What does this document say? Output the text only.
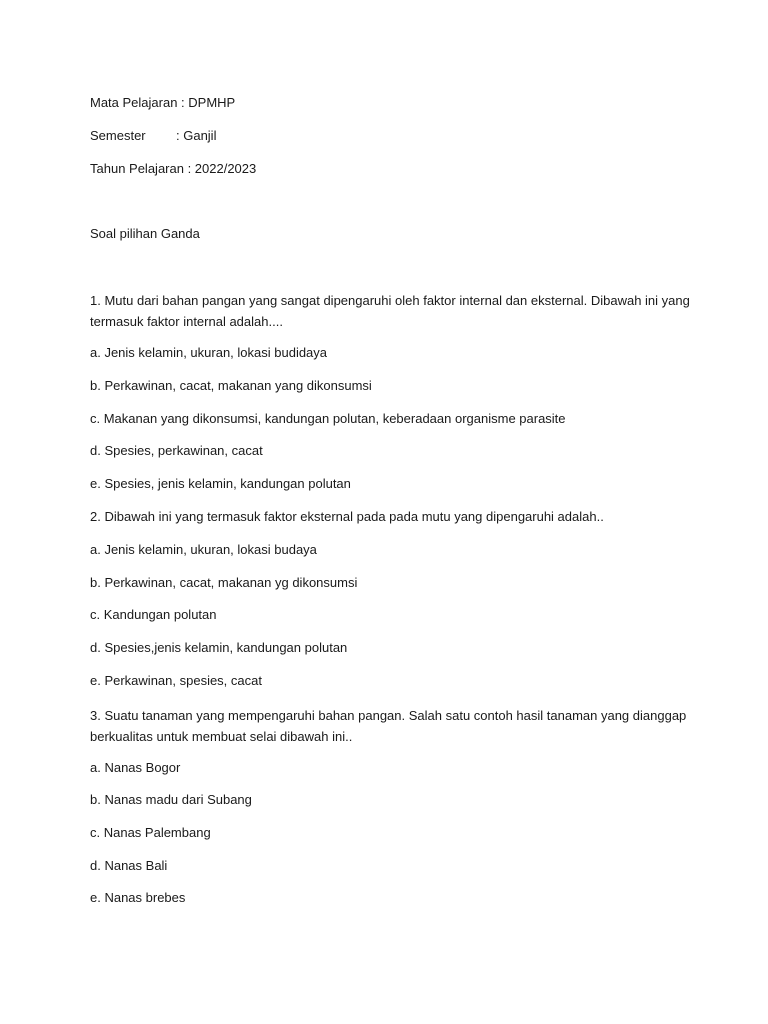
Mata Pelajaran : DPMHP
Semester : Ganjil
Tahun Pelajaran : 2022/2023
Soal pilihan Ganda
1. Mutu dari bahan pangan yang sangat dipengaruhi oleh faktor internal dan eksternal. Dibawah ini yang termasuk faktor internal adalah....
a. Jenis kelamin, ukuran, lokasi budidaya
b. Perkawinan, cacat, makanan yang dikonsumsi
c. Makanan yang dikonsumsi, kandungan polutan, keberadaan organisme parasite
d. Spesies, perkawinan, cacat
e. Spesies, jenis kelamin, kandungan polutan
2. Dibawah ini yang termasuk faktor eksternal pada pada mutu yang dipengaruhi adalah..
a. Jenis kelamin, ukuran, lokasi budaya
b. Perkawinan, cacat, makanan yg dikonsumsi
c. Kandungan polutan
d. Spesies,jenis kelamin, kandungan polutan
e. Perkawinan, spesies, cacat
3. Suatu tanaman yang mempengaruhi bahan pangan. Salah satu contoh hasil tanaman yang dianggap berkualitas untuk membuat selai dibawah ini..
a. Nanas Bogor
b. Nanas madu dari Subang
c. Nanas Palembang
d. Nanas Bali
e. Nanas brebes
